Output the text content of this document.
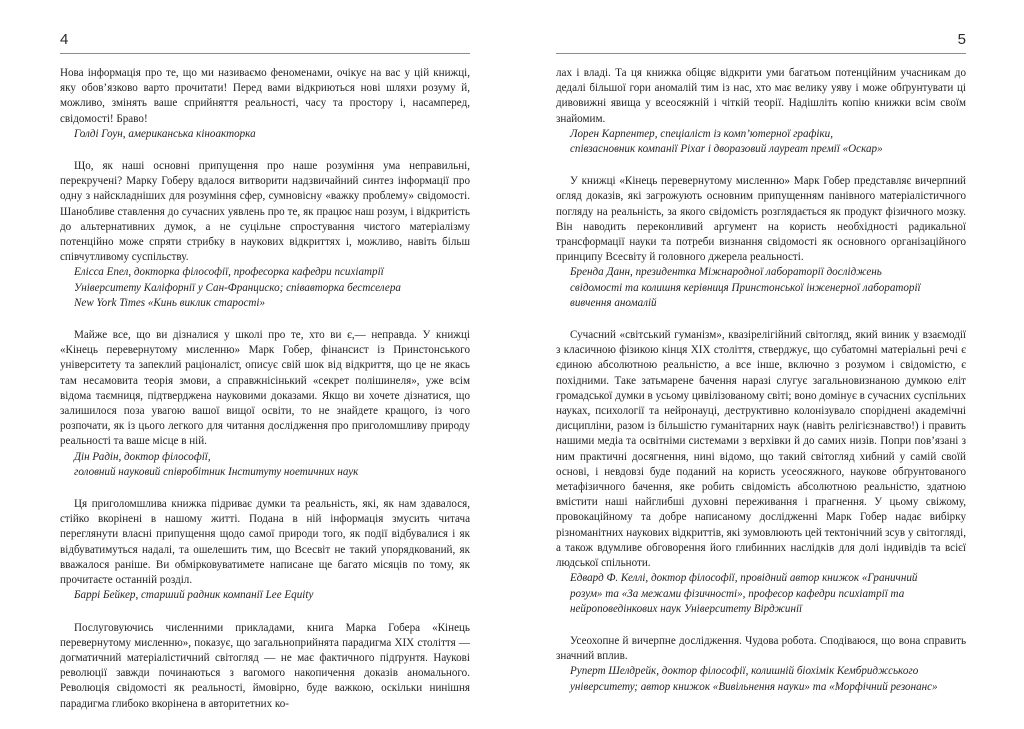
4

Нова інформація про те, що ми називаємо феноменами, очікує на вас у цій книжці, яку обов’язково варто прочитати! Перед вами відкриються нові шляхи розуму й, можливо, змінять ваше сприйняття реальності, часу та простору і, насамперед, свідомості! Браво!

Голді Гоун, американська кіноакторка

Що, як наші основні припущення про наше розуміння ума неправильні, перекручені? Марку Гоберу вдалося витворити надзвичайний синтез інформації про одну з найскладніших для розуміння сфер, сумновісну «важку проблему» свідомості. Шанобливе ставлення до сучасних уявлень про те, як працює наш розум, і відкритість до альтернативних думок, а не суцільне спростування чистого матеріалізму потенційно може спряти стрибку в наукових відкриттях і, можливо, навіть більш співчутливому суспільству.

Елісса Епел, докторка філософії, професорка кафедри психіатрії

Університету Каліфорнії у Сан-Франциско; співавторка бестселера

New York Times «Кинь виклик старості»

Майже все, що ви дізналися у школі про те, хто ви є,— неправда. У книжці «Кінець перевернутому мисленню» Марк Гобер, фінансист із Принстонського університету та запеклий раціоналіст, описує свій шок від відкриття, що це не якась там несамовита теорія змови, а справжнісінький «секрет полішинеля», уже всім відома таємниця, підтверджена науковими доказами. Якщо ви хочете дізнатися, що залишилося поза увагою вашої вищої освіти, то не знайдете кращого, із чого розпочати, як із цього легкого для читання дослідження про приголомшливу природу реальності та ваше місце в ній.

Дін Радін, доктор філософії,

головний науковий співробітник Інституту ноетичних наук

Ця приголомшлива книжка підриває думки та реальність, які, як нам здавалося, стійко вкорінені в нашому житті. Подана в ній інформація змусить читача переглянути власні припущення щодо самої природи того, як події відбувалися і як відбуватимуться надалі, та ошелешить тим, що Всесвіт не такий упорядкований, як вважалося раніше. Ви обмірковуватимете написане ще багато місяців по тому, як прочитаєте останній розділ.

Баррі Бейкер, старший радник компанії Lee Equity

Послуговуючись численними прикладами, книга Марка Гобера «Кінець перевернутому мисленню», показує, що загальноприйнята парадигма XIX століття — догматичний матеріалістичний світогляд — не має фактичного підґрунтя. Наукові революції завжди починаються з вагомого накопичення доказів аномального. Революція свідомості як реальності, ймовірно, буде важкою, оскільки нинішня парадигма глибоко вкорінена в авторитетних ко-

5

лах і владі. Та ця книжка обіцяє відкрити уми багатьом потенційним учасникам до дедалі більшої гори аномалій тим із нас, хто має велику уяву і може обґрунтувати ці дивовижні явища у всеосяжній і чіткій теорії. Надішліть копію книжки всім своїм знайомим.

Лорен Карпентер, спеціаліст із комп’ютерної графіки,

співзасновник компанії Pixar і дворазовий лауреат премії «Оскар»

У книжці «Кінець перевернутому мисленню» Марк Гобер представляє вичерпний огляд доказів, які загрожують основним припущенням панівного матеріалістичного погляду на реальність, за якого свідомість розглядається як продукт фізичного мозку. Він наводить переконливий аргумент на користь необхідності радикальної трансформації науки та потреби визнання свідомості як основного організаційного принципу Всесвіту й головного джерела реальності.

Бренда Данн, президентка Міжнародної лабораторії досліджень

свідомості та колишня керівниця Принстонської інженерної лабораторії

вивчення аномалій

Сучасний «світський гуманізм», квазірелігійний світогляд, який виник у взаємодії з класичною фізикою кінця XIX століття, стверджує, що субатомні матеріальні речі є єдиною абсолютною реальністю, а все інше, включно з розумом і свідомістю, є похідними. Таке затьмарене бачення наразі слугує загальновизнаною думкою еліт громадської думки в усьому цивілізованому світі; воно домінує в сучасних суспільних науках, психології та нейронауці, деструктивно колонізувало споріднені академічні дисципліни, разом із більшістю гуманітарних наук (навіть релігієзнавство!) і править нашими медіа та освітніми системами з верхівки й до самих низів. Попри пов’язані з ним практичні досягнення, нині відомо, що такий світогляд хибний у самій своїй основі, і невдовзі буде поданий на користь усеосяжного, наукове обґрунтованого метафізичного бачення, яке робить свідомість абсолютною реальністю, здатною вмістити наші найглибші духовні переживання і прагнення. У цьому свіжому, провокаційному та добре написаному дослідженні Марк Гобер надає вибірку різноманітних наукових відкриттів, які зумовлюють цей тектонічний зсув у світогляді, а також вдумливе обговорення його глибинних наслідків для долі індивідів та всієї людської спільноти.

Едвард Ф. Келлі, доктор філософії, провідний автор книжок «Граничний

розум» та «За межами фізичності», професор кафедри психіатрії та

нейроповедінкових наук Університету Вірджинії

Усеохопне й вичерпне дослідження. Чудова робота. Сподіваюся, що вона справить значний вплив.

Руперт Шелдрейк, доктор філософії, колишній біохімік Кембриджського

університету; автор книжок «Вивільнення науки» та «Морфічний резонанс»
